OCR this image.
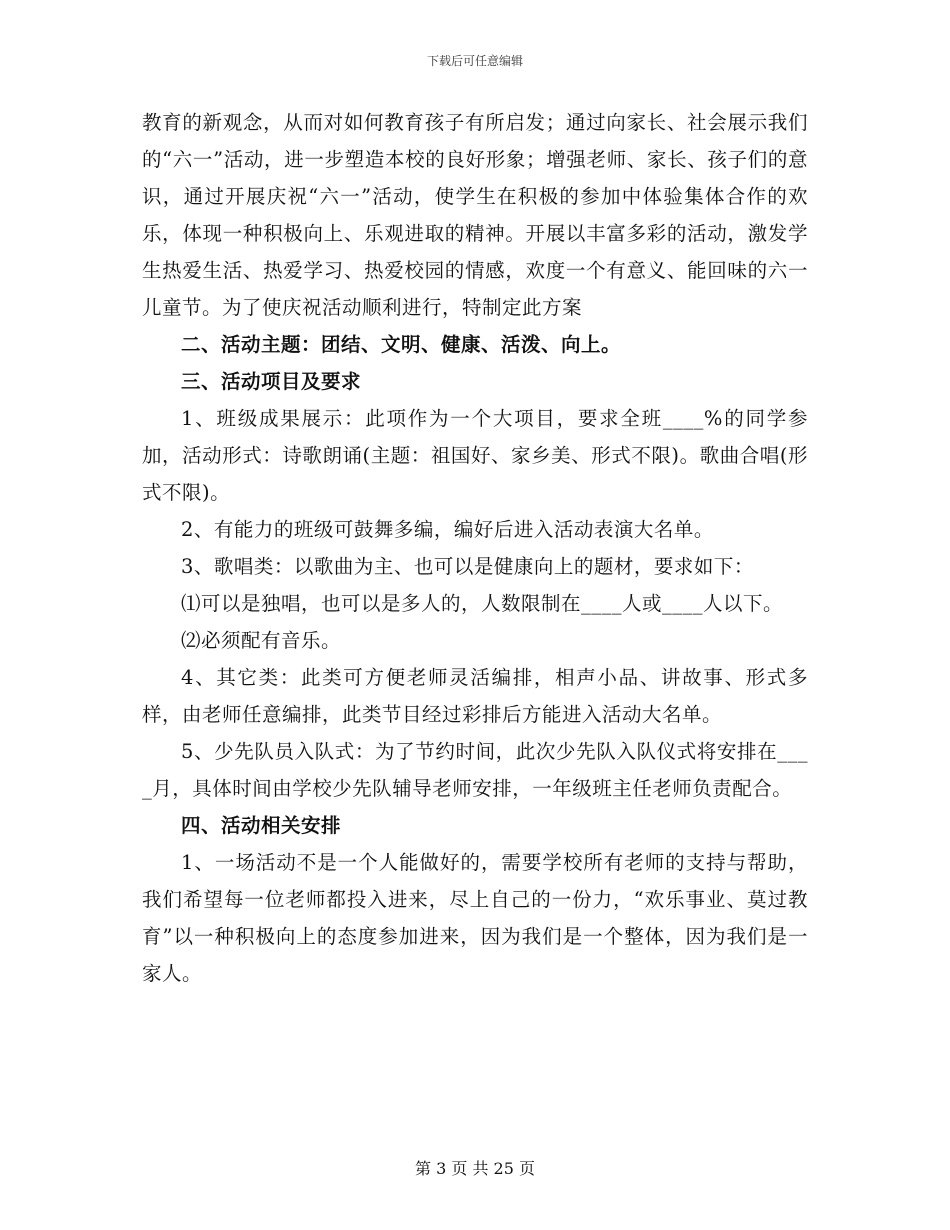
下载后可任意编辑

教育的新观念，从而对如何教育孩子有所启发；通过向家长、社会展示我们的“六一”活动，进一步塑造本校的良好形象；增强老师、家长、孩子们的意识，通过开展庆祝“六一”活动，使学生在积极的参加中体验集体合作的欢乐，体现一种积极向上、乐观进取的精神。开展以丰富多彩的活动，激发学生热爱生活、热爱学习、热爱校园的情感，欢度一个有意义、能回味的六一儿童节。为了使庆祝活动顺利进行，特制定此方案

二、活动主题：团结、文明、健康、活泼、向上。

三、活动项目及要求

1、班级成果展示：此项作为一个大项目，要求全班____%的同学参加，活动形式：诗歌朗诵(主题：祖国好、家乡美、形式不限)。歌曲合唱(形式不限)。

2、有能力的班级可鼓舞多编，编好后进入活动表演大名单。

3、歌唱类：以歌曲为主、也可以是健康向上的题材，要求如下：

⑴可以是独唱，也可以是多人的，人数限制在____人或____人以下。

⑵必须配有音乐。

4、其它类：此类可方便老师灵活编排，相声小品、讲故事、形式多样，由老师任意编排，此类节目经过彩排后方能进入活动大名单。

5、少先队员入队式：为了节约时间，此次少先队入队仪式将安排在____月，具体时间由学校少先队辅导老师安排，一年级班主任老师负责配合。

四、活动相关安排

1、一场活动不是一个人能做好的，需要学校所有老师的支持与帮助，我们希望每一位老师都投入进来，尽上自己的一份力，“欢乐事业、莫过教育”以一种积极向上的态度参加进来，因为我们是一个整体，因为我们是一家人。

第 3 页 共 25 页
